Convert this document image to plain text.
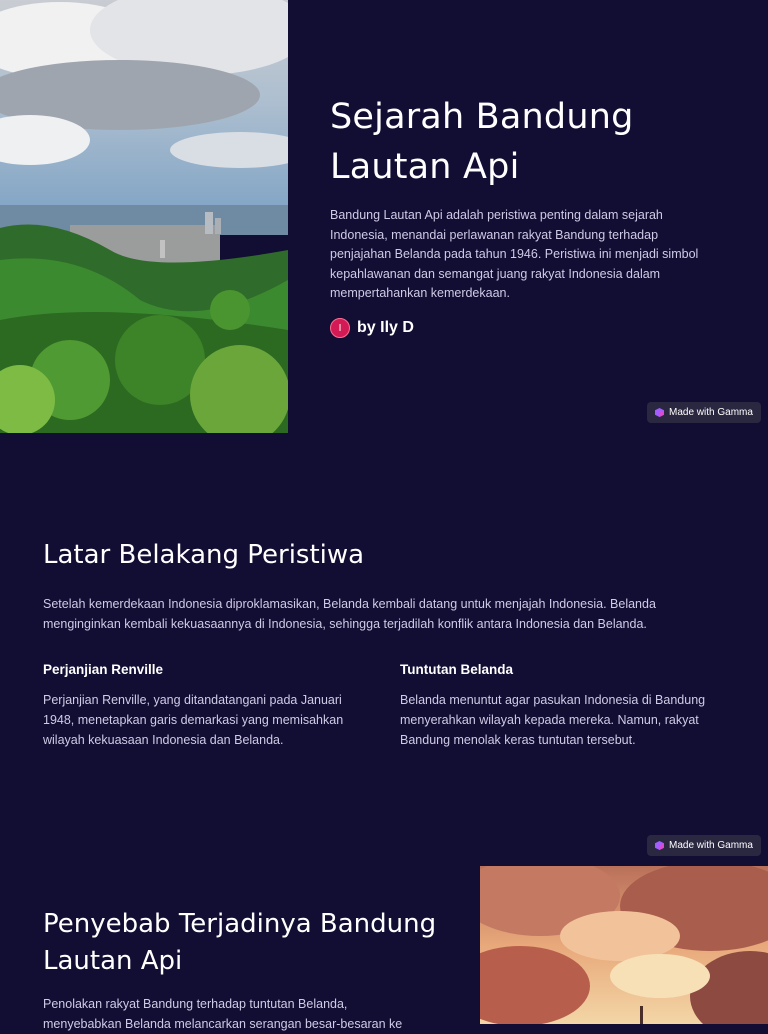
Sejarah Bandung Lautan Api

Bandung Lautan Api adalah peristiwa penting dalam sejarah Indonesia, menandai perlawanan rakyat Bandung terhadap penjajahan Belanda pada tahun 1946. Peristiwa ini menjadi simbol kepahlawanan dan semangat juang rakyat Indonesia dalam mempertahankan kemerdekaan.

I by Ily D
Made with Gamma
Latar Belakang Peristiwa

Setelah kemerdekaan Indonesia diproklamasikan, Belanda kembali datang untuk menjajah Indonesia. Belanda menginginkan kembali kekuasaannya di Indonesia, sehingga terjadilah konflik antara Indonesia dan Belanda.

Perjanjian Renville

Perjanjian Renville, yang ditandatangani pada Januari 1948, menetapkan garis demarkasi yang memisahkan wilayah kekuasaan Indonesia dan Belanda.

Tuntutan Belanda

Belanda menuntut agar pasukan Indonesia di Bandung menyerahkan wilayah kepada mereka. Namun, rakyat Bandung menolak keras tuntutan tersebut.

Made with Gamma
Penyebab Terjadinya Bandung Lautan Api

Penolakan rakyat Bandung terhadap tuntutan Belanda, menyebabkan Belanda melancarkan serangan besar-besaran ke
